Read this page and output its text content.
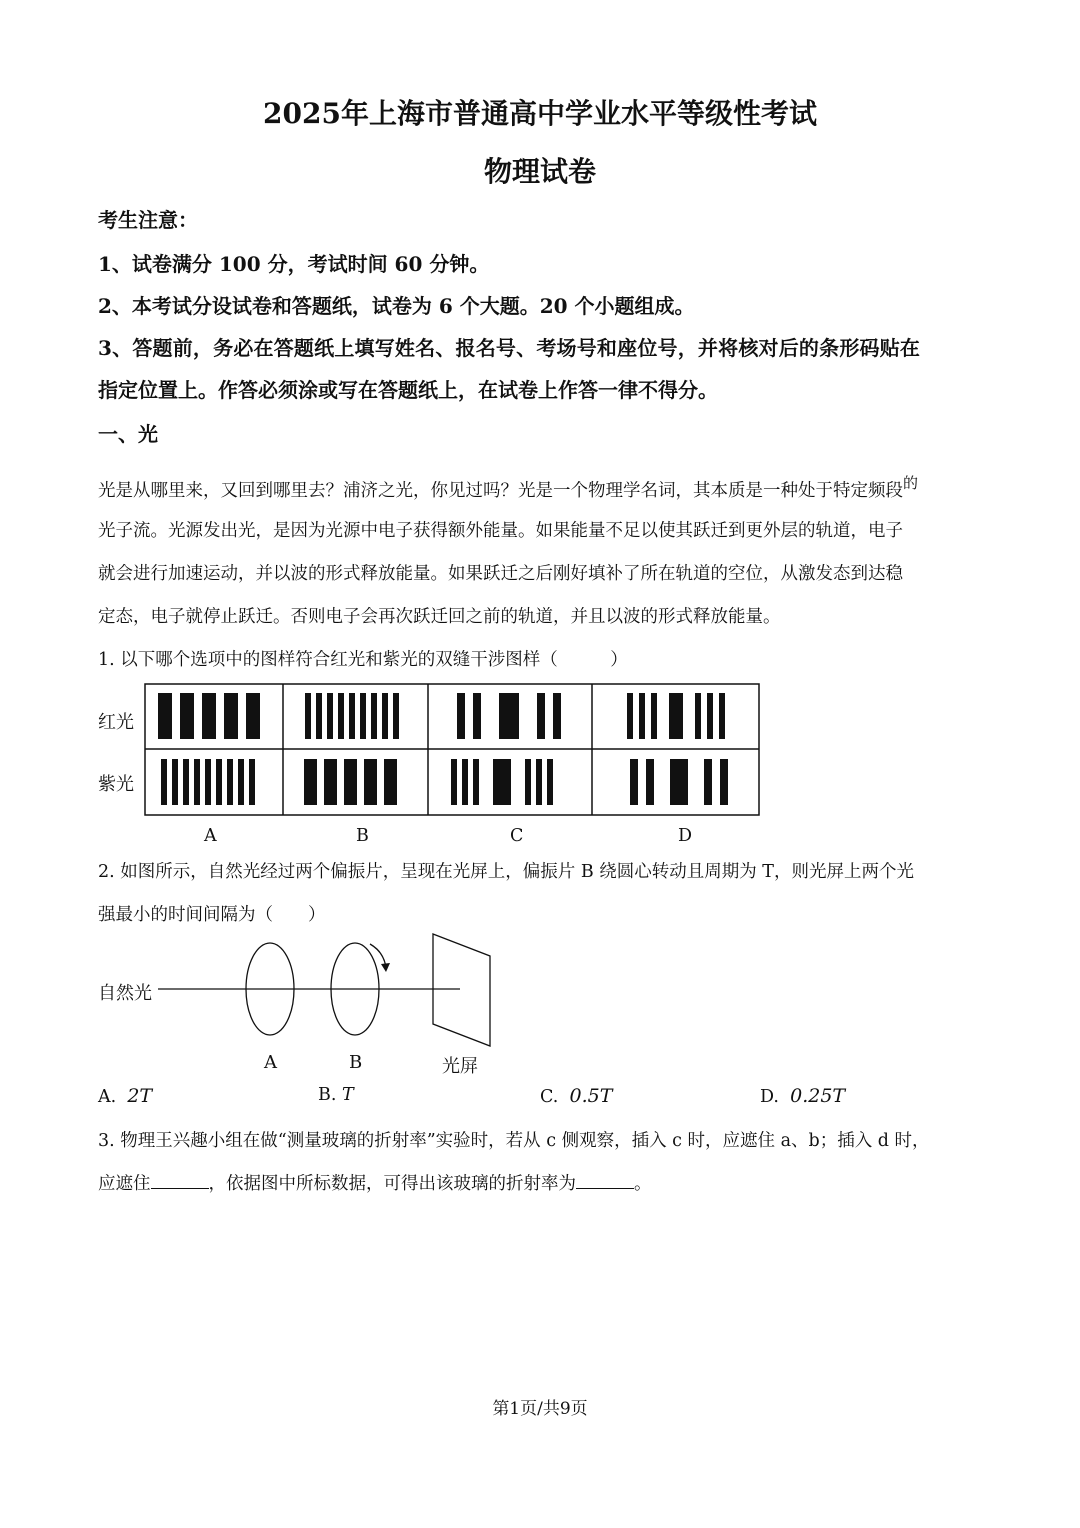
2025年上海市普通高中学业水平等级性考试
物理试卷
考生注意：
1、试卷满分 100 分，考试时间 60 分钟。
2、本考试分设试卷和答题纸，试卷为 6 个大题。20 个小题组成。
3、答题前，务必在答题纸上填写姓名、报名号、考场号和座位号，并将核对后的条形码贴在
指定位置上。作答必须涂或写在答题纸上，在试卷上作答一律不得分。
一、光
光是从哪里来，又回到哪里去？浦济之光，你见过吗？光是一个物理学名词，其本质是一种处于特定频段的
光子流。光源发出光，是因为光源中电子获得额外能量。如果能量不足以使其跃迁到更外层的轨道，电子
就会进行加速运动，并以波的形式释放能量。如果跃迁之后刚好填补了所在轨道的空位，从激发态到达稳
定态，电子就停止跃迁。否则电子会再次跃迁回之前的轨道，并且以波的形式释放能量。
1. 以下哪个选项中的图样符合红光和紫光的双缝干涉图样（　　　）
红光
紫光
A	B	C	D
2. 如图所示，自然光经过两个偏振片，呈现在光屏上，偏振片 B 绕圆心转动且周期为 T，则光屏上两个光
强最小的时间间隔为（　　）
自然光
A	B	光屏
A. 2T	B. T	C. 0.5T	D. 0.25T
3. 物理王兴趣小组在做“测量玻璃的折射率”实验时，若从 c 侧观察，插入 c 时，应遮住 a、b；插入 d 时，
应遮住	，依据图中所标数据，可得出该玻璃的折射率为	。
第1页/共9页
